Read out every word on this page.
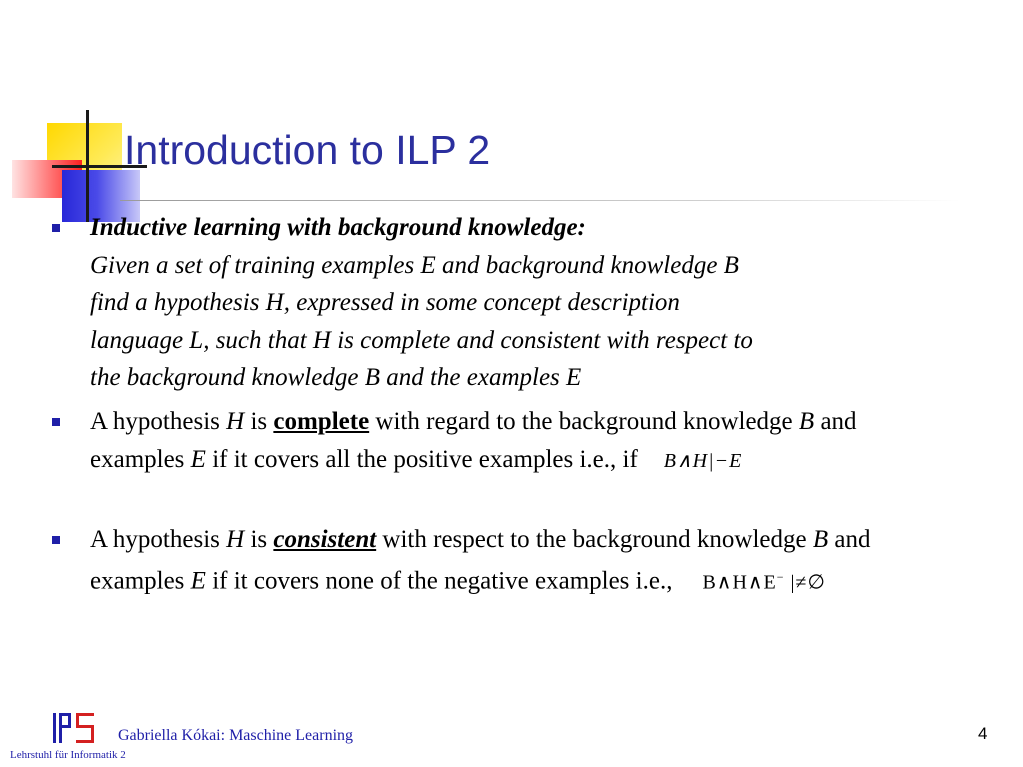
Introduction to ILP 2
Inductive learning with background knowledge:
Given a set of training examples E and background knowledge B
find a hypothesis H, expressed in some concept description
language L, such that H is complete and consistent with respect to
the background knowledge B and the examples E
A hypothesis H is complete with regard to the background knowledge B and examples E if it covers all the positive examples i.e., if B∧H|−E
A hypothesis H is consistent with respect to the background knowledge B and examples E if it covers none of the negative examples i.e., B∧H∧E− |≠∅
Gabriella Kókai: Maschine Learning
Lehrstuhl für Informatik 2
4
